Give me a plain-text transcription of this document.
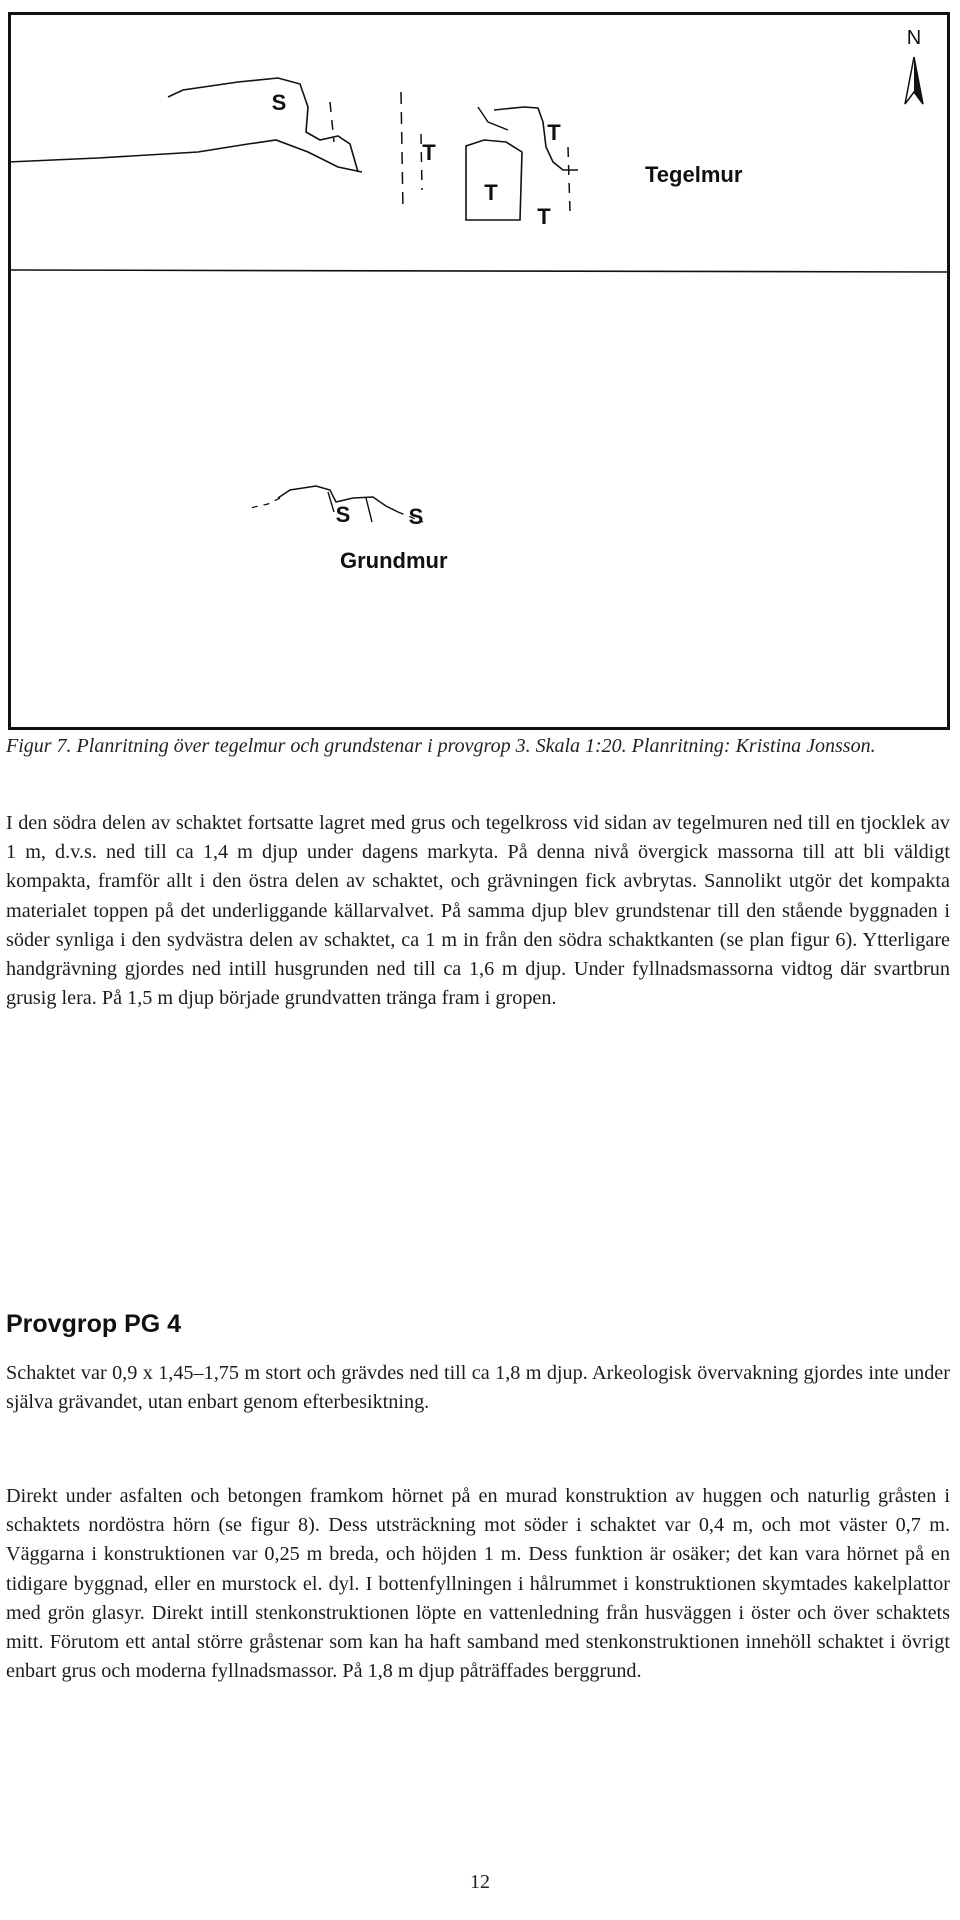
N
S
T
T
T
T
Tegelmur
S	S
Grundmur
Figur 7. Planritning över tegelmur och grundstenar i provgrop 3. Skala 1:20. Planritning: Kristina Jonsson.

I den södra delen av schaktet fortsatte lagret med grus och tegelkross vid sidan av tegelmuren ned till en tjocklek av 1 m, d.v.s. ned till ca 1,4 m djup under dagens markyta. På denna nivå övergick massorna till att bli väldigt kompakta, framför allt i den östra delen av schaktet, och grävningen fick avbrytas. Sannolikt utgör det kompakta materialet toppen på det underliggande källarvalvet. På samma djup blev grundstenar till den stående byggnaden i söder synliga i den sydvästra delen av schaktet, ca 1 m in från den södra schaktkanten (se plan figur 6). Ytterligare handgrävning gjordes ned intill husgrunden ned till ca 1,6 m djup. Under fyllnadsmassorna vidtog där svartbrun grusig lera. På 1,5 m djup började grundvatten tränga fram i gropen.

Provgrop PG 4

Schaktet var 0,9 x 1,45–1,75 m stort och grävdes ned till ca 1,8 m djup. Arkeologisk övervakning gjordes inte under själva grävandet, utan enbart genom efterbesiktning.

Direkt under asfalten och betongen framkom hörnet på en murad konstruktion av huggen och naturlig gråsten i schaktets nordöstra hörn (se figur 8). Dess utsträckning mot söder i schaktet var 0,4 m, och mot väster 0,7 m. Väggarna i konstruktionen var 0,25 m breda, och höjden 1 m. Dess funktion är osäker; det kan vara hörnet på en tidigare byggnad, eller en murstock el. dyl. I bottenfyllningen i hålrummet i konstruktionen skymtades kakelplattor med grön glasyr. Direkt intill stenkonstruktionen löpte en vattenledning från husväggen i öster och över schaktets mitt. Förutom ett antal större gråstenar som kan ha haft samband med stenkonstruktionen innehöll schaktet i övrigt enbart grus och moderna fyllnadsmassor. På 1,8 m djup påträffades berggrund.

12
